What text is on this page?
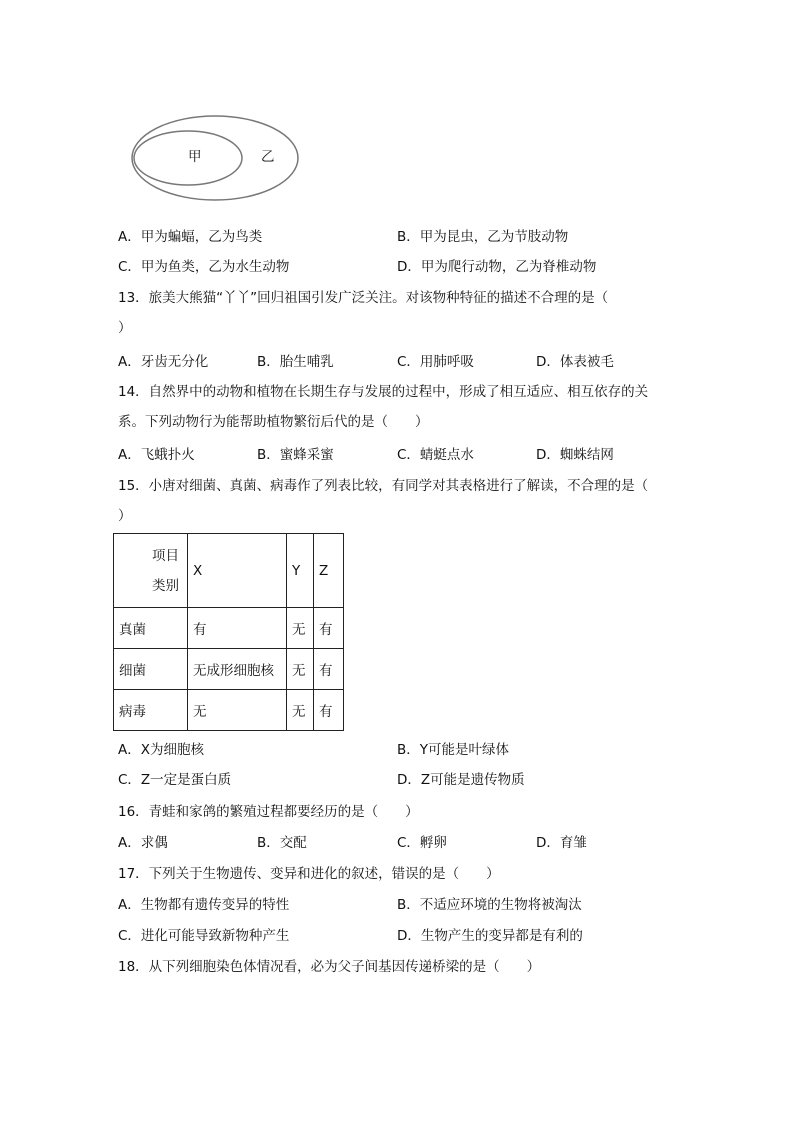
甲	乙
A．甲为蝙蝠，乙为鸟类	B．甲为昆虫，乙为节肢动物
C．甲为鱼类，乙为水生动物	D．甲为爬行动物，乙为脊椎动物
13．旅美大熊猫“丫丫”回归祖国引发广泛关注。对该物种特征的描述不合理的是（
）
A．牙齿无分化	B．胎生哺乳	C．用肺呼吸	D．体表被毛
14．自然界中的动物和植物在长期生存与发展的过程中，形成了相互适应、相互依存的关
系。下列动物行为能帮助植物繁衍后代的是（　　）
A．飞蛾扑火	B．蜜蜂采蜜	C．蜻蜓点水	D．蜘蛛结网
15．小唐对细菌、真菌、病毒作了列表比较，有同学对其表格进行了解读，不合理的是（
）
项目
类别	X	Y	Z
真菌	有	无	有
细菌	无成形细胞核	无	有
病毒	无	无	有
A．X为细胞核	B．Y可能是叶绿体
C．Z一定是蛋白质	D．Z可能是遗传物质
16．青蛙和家鸽的繁殖过程都要经历的是（　　）
A．求偶	B．交配	C．孵卵	D．育雏
17．下列关于生物遗传、变异和进化的叙述，错误的是（　　）
A．生物都有遗传变异的特性	B．不适应环境的生物将被淘汰
C．进化可能导致新物种产生	D．生物产生的变异都是有利的
18．从下列细胞染色体情况看，必为父子间基因传递桥梁的是（　　）
